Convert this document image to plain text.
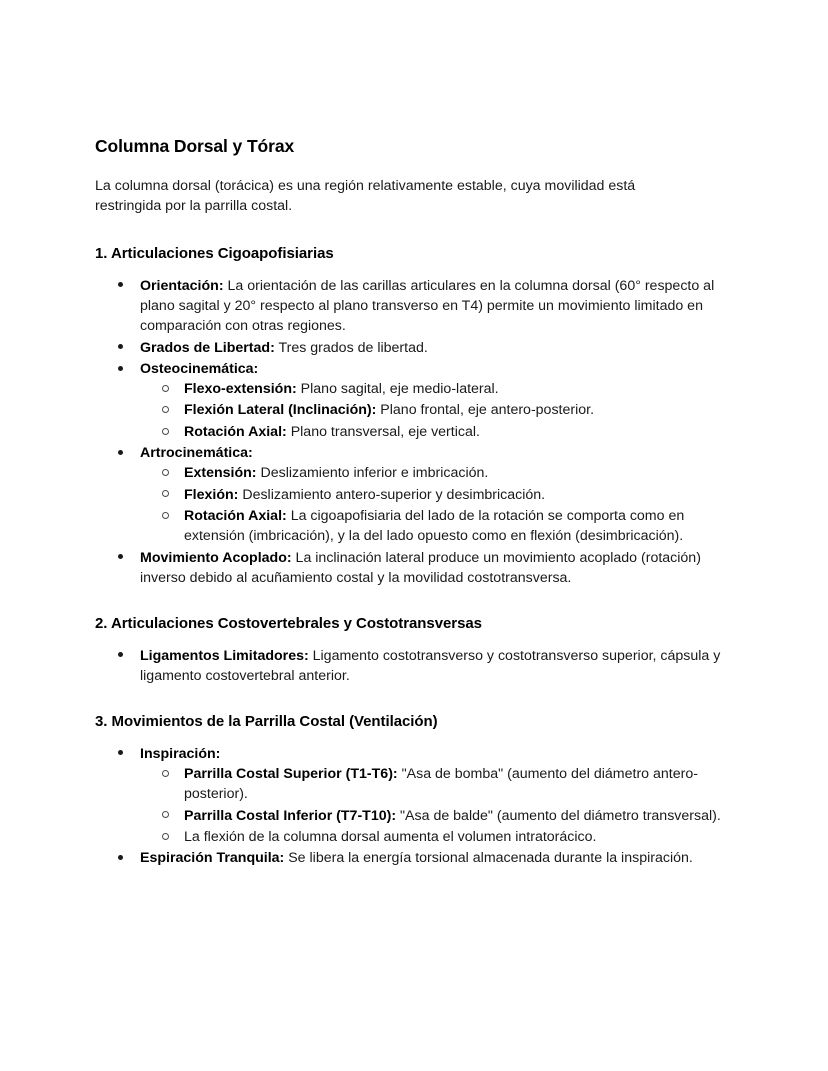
Columna Dorsal y Tórax

La columna dorsal (torácica) es una región relativamente estable, cuya movilidad está restringida por la parrilla costal.

1. Articulaciones Cigoapofisiarias
Orientación: La orientación de las carillas articulares en la columna dorsal (60° respecto al plano sagital y 20° respecto al plano transverso en T4) permite un movimiento limitado en comparación con otras regiones.
Grados de Libertad: Tres grados de libertad.
Osteocinemática:
Flexo-extensión: Plano sagital, eje medio-lateral.
Flexión Lateral (Inclinación): Plano frontal, eje antero-posterior.
Rotación Axial: Plano transversal, eje vertical.
Artrocinemática:
Extensión: Deslizamiento inferior e imbricación.
Flexión: Deslizamiento antero-superior y desimbricación.
Rotación Axial: La cigoapofisiaria del lado de la rotación se comporta como en extensión (imbricación), y la del lado opuesto como en flexión (desimbricación).
Movimiento Acoplado: La inclinación lateral produce un movimiento acoplado (rotación) inverso debido al acuñamiento costal y la movilidad costotransversa.
2. Articulaciones Costovertebrales y Costotransversas
Ligamentos Limitadores: Ligamento costotransverso y costotransverso superior, cápsula y ligamento costovertebral anterior.
3. Movimientos de la Parrilla Costal (Ventilación)
Inspiración:
Parrilla Costal Superior (T1-T6): "Asa de bomba" (aumento del diámetro antero-posterior).
Parrilla Costal Inferior (T7-T10): "Asa de balde" (aumento del diámetro transversal).
La flexión de la columna dorsal aumenta el volumen intratorácico.
Espiración Tranquila: Se libera la energía torsional almacenada durante la inspiración.
